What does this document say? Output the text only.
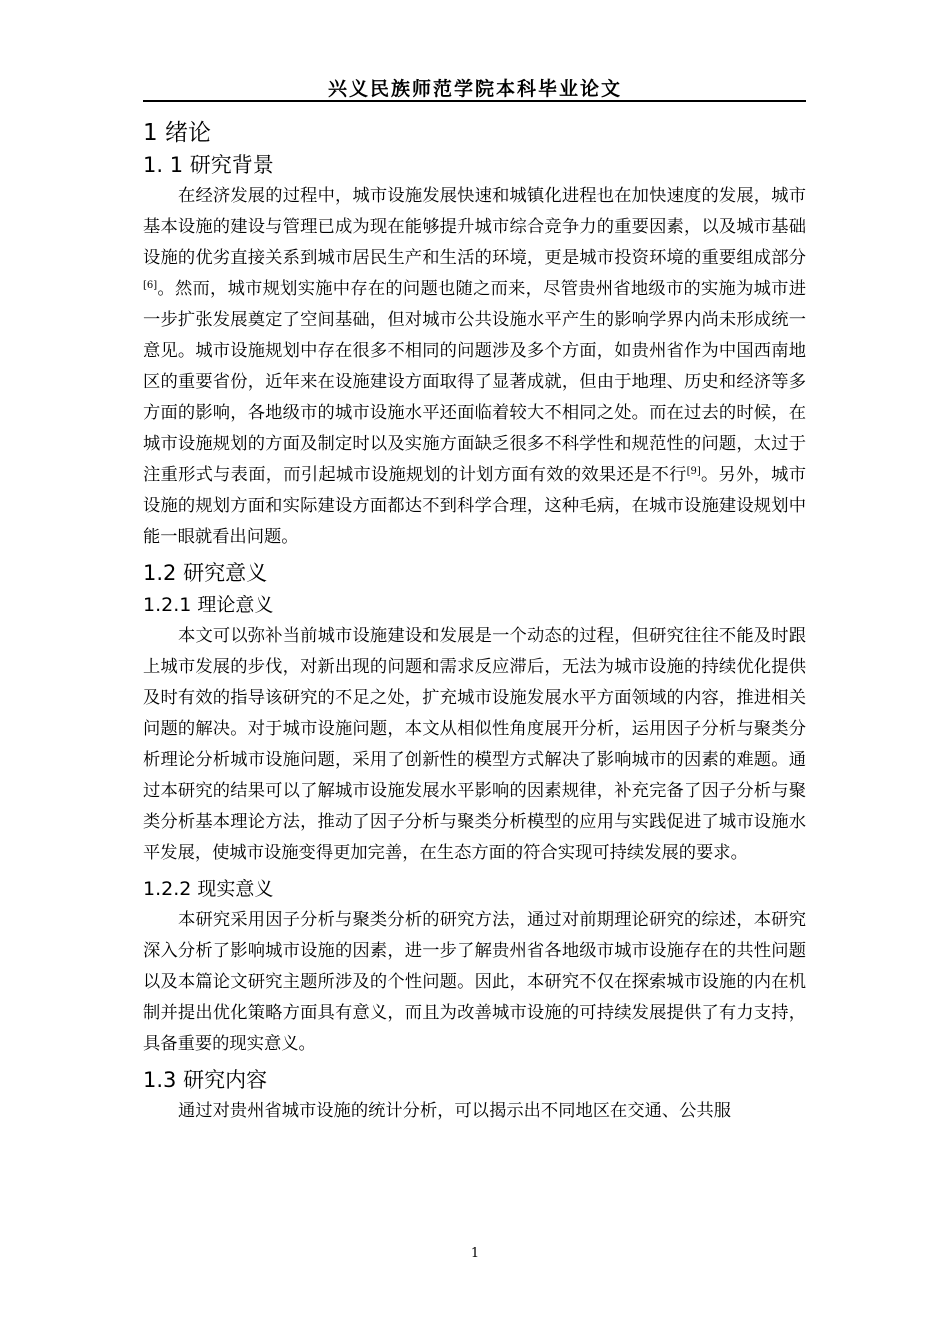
兴义民族师范学院本科毕业论文
1 绪论
1. 1 研究背景

在经济发展的过程中，城市设施发展快速和城镇化进程也在加快速度的发展，城市基本设施的建设与管理已成为现在能够提升城市综合竞争力的重要因素，以及城市基础设施的优劣直接关系到城市居民生产和生活的环境，更是城市投资环境的重要组成部分[6]。然而，城市规划实施中存在的问题也随之而来，尽管贵州省地级市的实施为城市进一步扩张发展奠定了空间基础，但对城市公共设施水平产生的影响学界内尚未形成统一意见。城市设施规划中存在很多不相同的问题涉及多个方面，如贵州省作为中国西南地区的重要省份，近年来在设施建设方面取得了显著成就，但由于地理、历史和经济等多方面的影响，各地级市的城市设施水平还面临着较大不相同之处。而在过去的时候，在城市设施规划的方面及制定时以及实施方面缺乏很多不科学性和规范性的问题，太过于注重形式与表面，而引起城市设施规划的计划方面有效的效果还是不行[9]。另外，城市设施的规划方面和实际建设方面都达不到科学合理，这种毛病，在城市设施建设规划中能一眼就看出问题。

1.2 研究意义
1.2.1 理论意义

本文可以弥补当前城市设施建设和发展是一个动态的过程，但研究往往不能及时跟上城市发展的步伐，对新出现的问题和需求反应滞后，无法为城市设施的持续优化提供及时有效的指导该研究的不足之处，扩充城市设施发展水平方面领域的内容，推进相关问题的解决。对于城市设施问题，本文从相似性角度展开分析，运用因子分析与聚类分析理论分析城市设施问题，采用了创新性的模型方式解决了影响城市的因素的难题。通过本研究的结果可以了解城市设施发展水平影响的因素规律，补充完备了因子分析与聚类分析基本理论方法，推动了因子分析与聚类分析模型的应用与实践促进了城市设施水平发展，使城市设施变得更加完善，在生态方面的符合实现可持续发展的要求。

1.2.2 现实意义

本研究采用因子分析与聚类分析的研究方法，通过对前期理论研究的综述，本研究深入分析了影响城市设施的因素，进一步了解贵州省各地级市城市设施存在的共性问题以及本篇论文研究主题所涉及的个性问题。因此，本研究不仅在探索城市设施的内在机制并提出优化策略方面具有意义，而且为改善城市设施的可持续发展提供了有力支持，具备重要的现实意义。

1.3 研究内容

通过对贵州省城市设施的统计分析，可以揭示出不同地区在交通、公共服

1
